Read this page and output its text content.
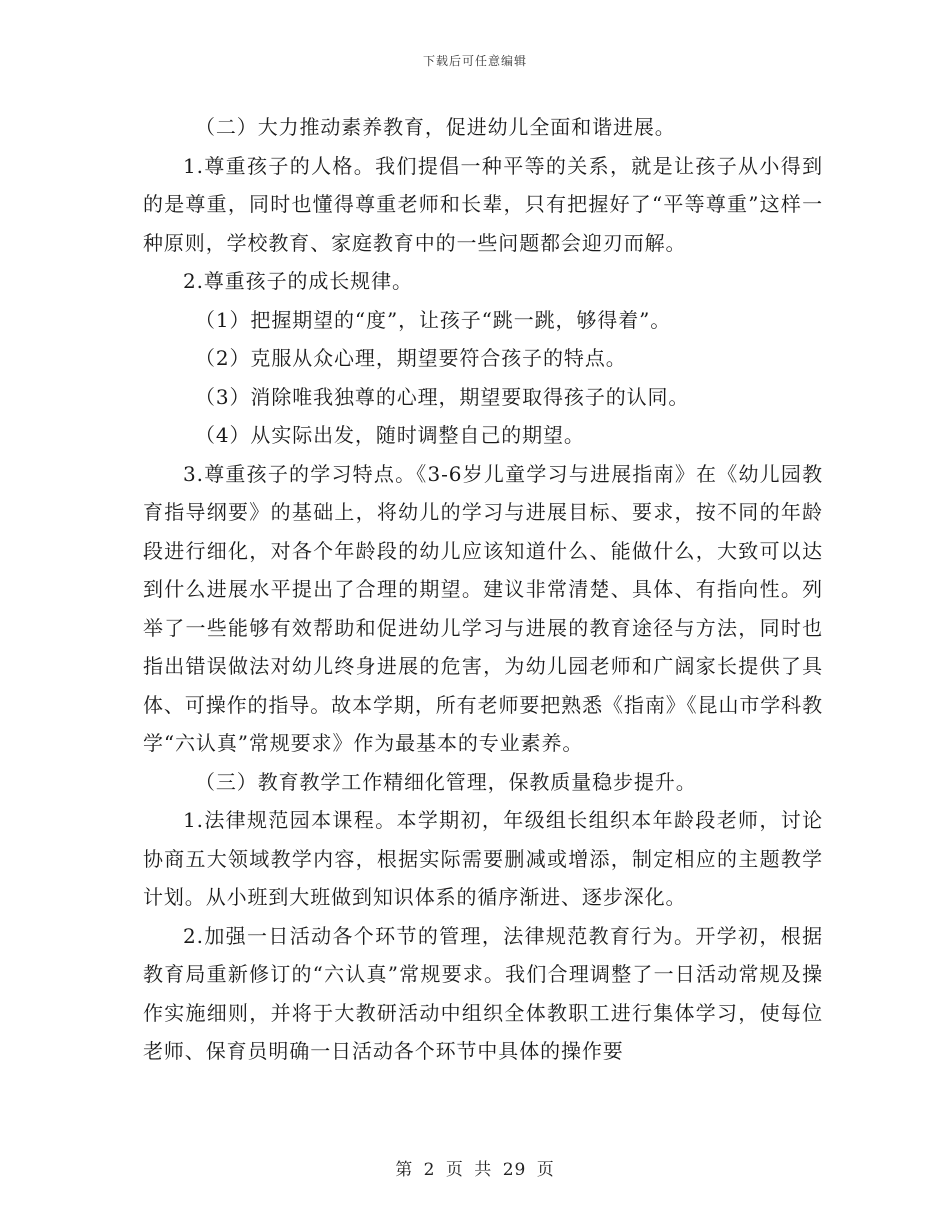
下载后可任意编辑

（二）大力推动素养教育，促进幼儿全面和谐进展。

1.尊重孩子的人格。我们提倡一种平等的关系，就是让孩子从小得到的是尊重，同时也懂得尊重老师和长辈，只有把握好了“平等尊重”这样一种原则，学校教育、家庭教育中的一些问题都会迎刃而解。

2.尊重孩子的成长规律。

（1）把握期望的“度”，让孩子“跳一跳，够得着”。

（2）克服从众心理，期望要符合孩子的特点。

（3）消除唯我独尊的心理，期望要取得孩子的认同。

（4）从实际出发，随时调整自己的期望。

3.尊重孩子的学习特点。《3-6岁儿童学习与进展指南》在《幼儿园教育指导纲要》的基础上，将幼儿的学习与进展目标、要求，按不同的年龄段进行细化，对各个年龄段的幼儿应该知道什么、能做什么，大致可以达到什么进展水平提出了合理的期望。建议非常清楚、具体、有指向性。列举了一些能够有效帮助和促进幼儿学习与进展的教育途径与方法，同时也指出错误做法对幼儿终身进展的危害，为幼儿园老师和广阔家长提供了具体、可操作的指导。故本学期，所有老师要把熟悉《指南》《昆山市学科教学“六认真”常规要求》作为最基本的专业素养。

（三）教育教学工作精细化管理，保教质量稳步提升。

1.法律规范园本课程。本学期初，年级组长组织本年龄段老师，讨论协商五大领域教学内容，根据实际需要删减或增添，制定相应的主题教学计划。从小班到大班做到知识体系的循序渐进、逐步深化。

2.加强一日活动各个环节的管理，法律规范教育行为。开学初，根据教育局重新修订的“六认真”常规要求。我们合理调整了一日活动常规及操作实施细则，并将于大教研活动中组织全体教职工进行集体学习，使每位老师、保育员明确一日活动各个环节中具体的操作要

第 2 页 共 29 页
